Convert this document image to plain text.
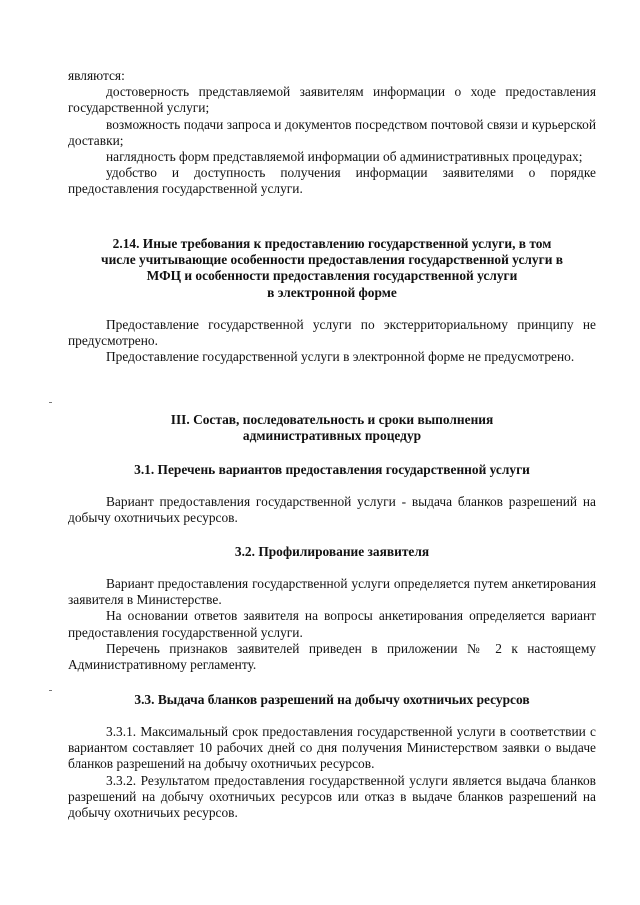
являются:

достоверность представляемой заявителям информации о ходе предоставления государственной услуги;

возможность подачи запроса и документов посредством почтовой связи и курьерской доставки;

наглядность форм представляемой информации об административных процедурах;

удобство и доступность получения информации заявителями о порядке предоставления государственной услуги.

2.14. Иные требования к предоставлению государственной услуги, в том
числе учитывающие особенности предоставления государственной услуги в
МФЦ и особенности предоставления государственной услуги
в электронной форме

Предоставление государственной услуги по экстерриториальному принципу не предусмотрено.

Предоставление государственной услуги в электронной форме не предусмотрено.

III. Состав, последовательность и сроки выполнения
административных процедур

3.1. Перечень вариантов предоставления государственной услуги

Вариант предоставления государственной услуги - выдача бланков разрешений на добычу охотничьих ресурсов.

3.2. Профилирование заявителя

Вариант предоставления государственной услуги определяется путем анкетирования заявителя в Министерстве.

На основании ответов заявителя на вопросы анкетирования определяется вариант предоставления государственной услуги.

Перечень признаков заявителей приведен в приложении № 2 к настоящему Административному регламенту.

3.3. Выдача бланков разрешений на добычу охотничьих ресурсов

3.3.1. Максимальный срок предоставления государственной услуги в соответствии с вариантом составляет 10 рабочих дней со дня получения Министерством заявки о выдаче бланков разрешений на добычу охотничьих ресурсов.

3.3.2. Результатом предоставления государственной услуги является выдача бланков разрешений на добычу охотничьих ресурсов или отказ в выдаче бланков разрешений на добычу охотничьих ресурсов.
